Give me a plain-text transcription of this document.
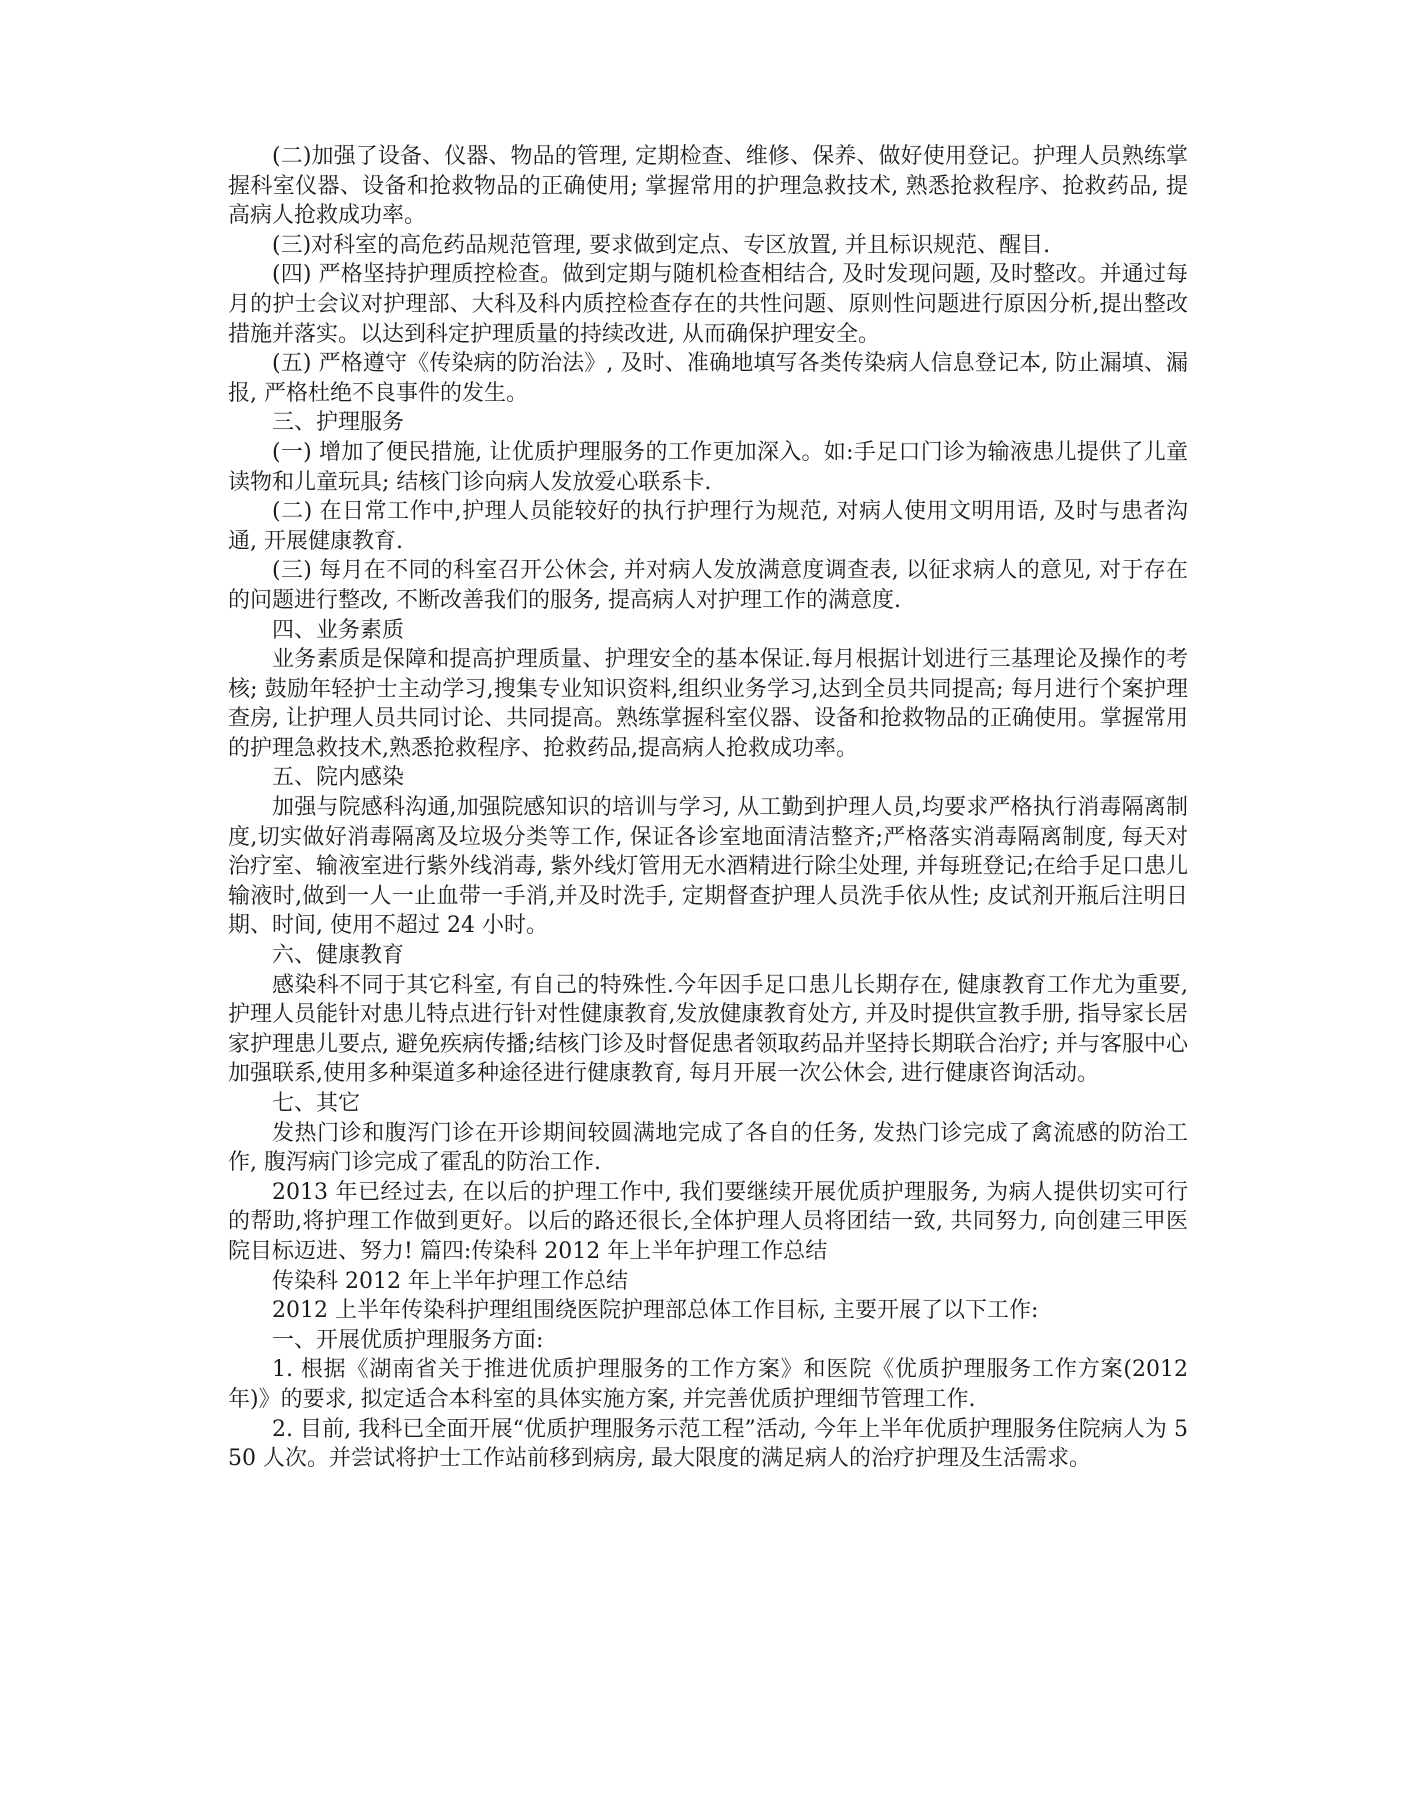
(二)加强了设备、仪器、物品的管理, 定期检查、维修、保养、做好使用登记。护理人员熟练掌握科室仪器、设备和抢救物品的正确使用; 掌握常用的护理急救技术, 熟悉抢救程序、抢救药品, 提高病人抢救成功率。

(三)对科室的高危药品规范管理, 要求做到定点、专区放置, 并且标识规范、醒目.

(四) 严格坚持护理质控检查。做到定期与随机检查相结合, 及时发现问题, 及时整改。并通过每月的护士会议对护理部、大科及科内质控检查存在的共性问题、原则性问题进行原因分析,提出整改措施并落实。以达到科定护理质量的持续改进, 从而确保护理安全。

(五) 严格遵守《传染病的防治法》, 及时、准确地填写各类传染病人信息登记本, 防止漏填、漏报, 严格杜绝不良事件的发生。

三、护理服务

(一) 增加了便民措施, 让优质护理服务的工作更加深入。如:手足口门诊为输液患儿提供了儿童读物和儿童玩具; 结核门诊向病人发放爱心联系卡.

(二) 在日常工作中,护理人员能较好的执行护理行为规范, 对病人使用文明用语, 及时与患者沟通, 开展健康教育.

(三) 每月在不同的科室召开公休会, 并对病人发放满意度调查表, 以征求病人的意见, 对于存在的问题进行整改, 不断改善我们的服务, 提高病人对护理工作的满意度.

四、业务素质

业务素质是保障和提高护理质量、护理安全的基本保证.每月根据计划进行三基理论及操作的考核; 鼓励年轻护士主动学习,搜集专业知识资料,组织业务学习,达到全员共同提高; 每月进行个案护理查房, 让护理人员共同讨论、共同提高。熟练掌握科室仪器、设备和抢救物品的正确使用。掌握常用的护理急救技术,熟悉抢救程序、抢救药品,提高病人抢救成功率。

五、院内感染

加强与院感科沟通,加强院感知识的培训与学习, 从工勤到护理人员,均要求严格执行消毒隔离制度,切实做好消毒隔离及垃圾分类等工作, 保证各诊室地面清洁整齐;严格落实消毒隔离制度, 每天对治疗室、输液室进行紫外线消毒, 紫外线灯管用无水酒精进行除尘处理, 并每班登记;在给手足口患儿输液时,做到一人一止血带一手消,并及时洗手, 定期督查护理人员洗手依从性; 皮试剂开瓶后注明日期、时间, 使用不超过 24 小时。

六、健康教育

感染科不同于其它科室, 有自己的特殊性.今年因手足口患儿长期存在, 健康教育工作尤为重要, 护理人员能针对患儿特点进行针对性健康教育,发放健康教育处方, 并及时提供宣教手册, 指导家长居家护理患儿要点, 避免疾病传播;结核门诊及时督促患者领取药品并坚持长期联合治疗; 并与客服中心加强联系,使用多种渠道多种途径进行健康教育, 每月开展一次公休会, 进行健康咨询活动。

七、其它

发热门诊和腹泻门诊在开诊期间较圆满地完成了各自的任务, 发热门诊完成了禽流感的防治工作, 腹泻病门诊完成了霍乱的防治工作.

2013 年已经过去, 在以后的护理工作中, 我们要继续开展优质护理服务, 为病人提供切实可行的帮助,将护理工作做到更好。以后的路还很长,全体护理人员将团结一致, 共同努力, 向创建三甲医院目标迈进、努力! 篇四:传染科 2012 年上半年护理工作总结

传染科 2012 年上半年护理工作总结

2012 上半年传染科护理组围绕医院护理部总体工作目标, 主要开展了以下工作:

一、开展优质护理服务方面:

1. 根据《湖南省关于推进优质护理服务的工作方案》和医院《优质护理服务工作方案(2012 年)》的要求, 拟定适合本科室的具体实施方案, 并完善优质护理细节管理工作.

2. 目前, 我科已全面开展“优质护理服务示范工程”活动, 今年上半年优质护理服务住院病人为 550 人次。并尝试将护士工作站前移到病房, 最大限度的满足病人的治疗护理及生活需求。
